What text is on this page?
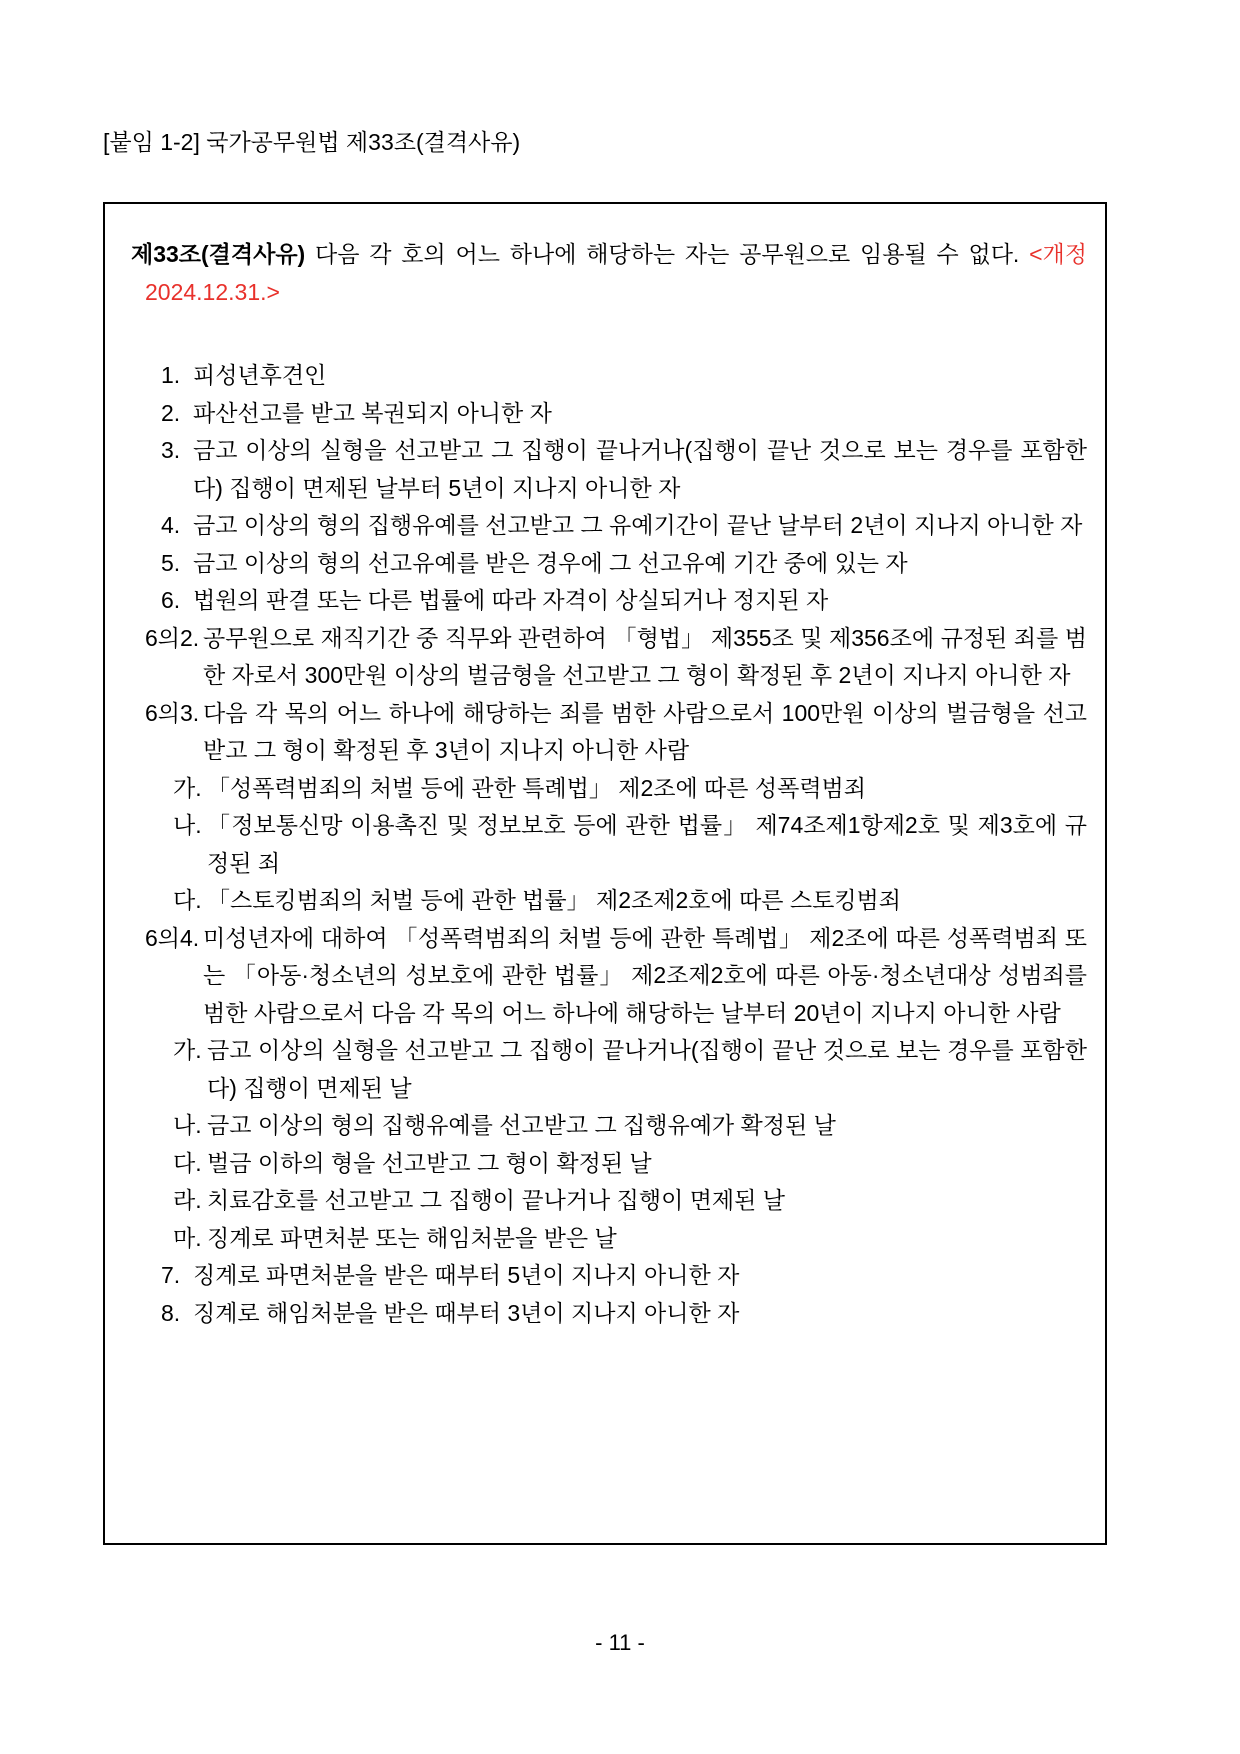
[붙임 1-2] 국가공무원법 제33조(결격사유)

제33조(결격사유) 다음 각 호의 어느 하나에 해당하는 자는 공무원으로 임용될 수 없다. <개정 2024.12.31.>

1. 피성년후견인
2. 파산선고를 받고 복권되지 아니한 자
3. 금고 이상의 실형을 선고받고 그 집행이 끝나거나(집행이 끝난 것으로 보는 경우를 포함한다) 집행이 면제된 날부터 5년이 지나지 아니한 자
4. 금고 이상의 형의 집행유예를 선고받고 그 유예기간이 끝난 날부터 2년이 지나지 아니한 자
5. 금고 이상의 형의 선고유예를 받은 경우에 그 선고유예 기간 중에 있는 자
6. 법원의 판결 또는 다른 법률에 따라 자격이 상실되거나 정지된 자
6의2. 공무원으로 재직기간 중 직무와 관련하여 「형법」 제355조 및 제356조에 규정된 죄를 범한 자로서 300만원 이상의 벌금형을 선고받고 그 형이 확정된 후 2년이 지나지 아니한 자
6의3. 다음 각 목의 어느 하나에 해당하는 죄를 범한 사람으로서 100만원 이상의 벌금형을 선고받고 그 형이 확정된 후 3년이 지나지 아니한 사람
가. 「성폭력범죄의 처벌 등에 관한 특례법」 제2조에 따른 성폭력범죄
나. 「정보통신망 이용촉진 및 정보보호 등에 관한 법률」 제74조제1항제2호 및 제3호에 규정된 죄
다. 「스토킹범죄의 처벌 등에 관한 법률」 제2조제2호에 따른 스토킹범죄
6의4. 미성년자에 대하여 「성폭력범죄의 처벌 등에 관한 특례법」 제2조에 따른 성폭력범죄 또는 「아동·청소년의 성보호에 관한 법률」 제2조제2호에 따른 아동·청소년대상 성범죄를 범한 사람으로서 다음 각 목의 어느 하나에 해당하는 날부터 20년이 지나지 아니한 사람
가. 금고 이상의 실형을 선고받고 그 집행이 끝나거나(집행이 끝난 것으로 보는 경우를 포함한다) 집행이 면제된 날
나. 금고 이상의 형의 집행유예를 선고받고 그 집행유예가 확정된 날
다. 벌금 이하의 형을 선고받고 그 형이 확정된 날
라. 치료감호를 선고받고 그 집행이 끝나거나 집행이 면제된 날
마. 징계로 파면처분 또는 해임처분을 받은 날
7. 징계로 파면처분을 받은 때부터 5년이 지나지 아니한 자
8. 징계로 해임처분을 받은 때부터 3년이 지나지 아니한 자
- 11 -
